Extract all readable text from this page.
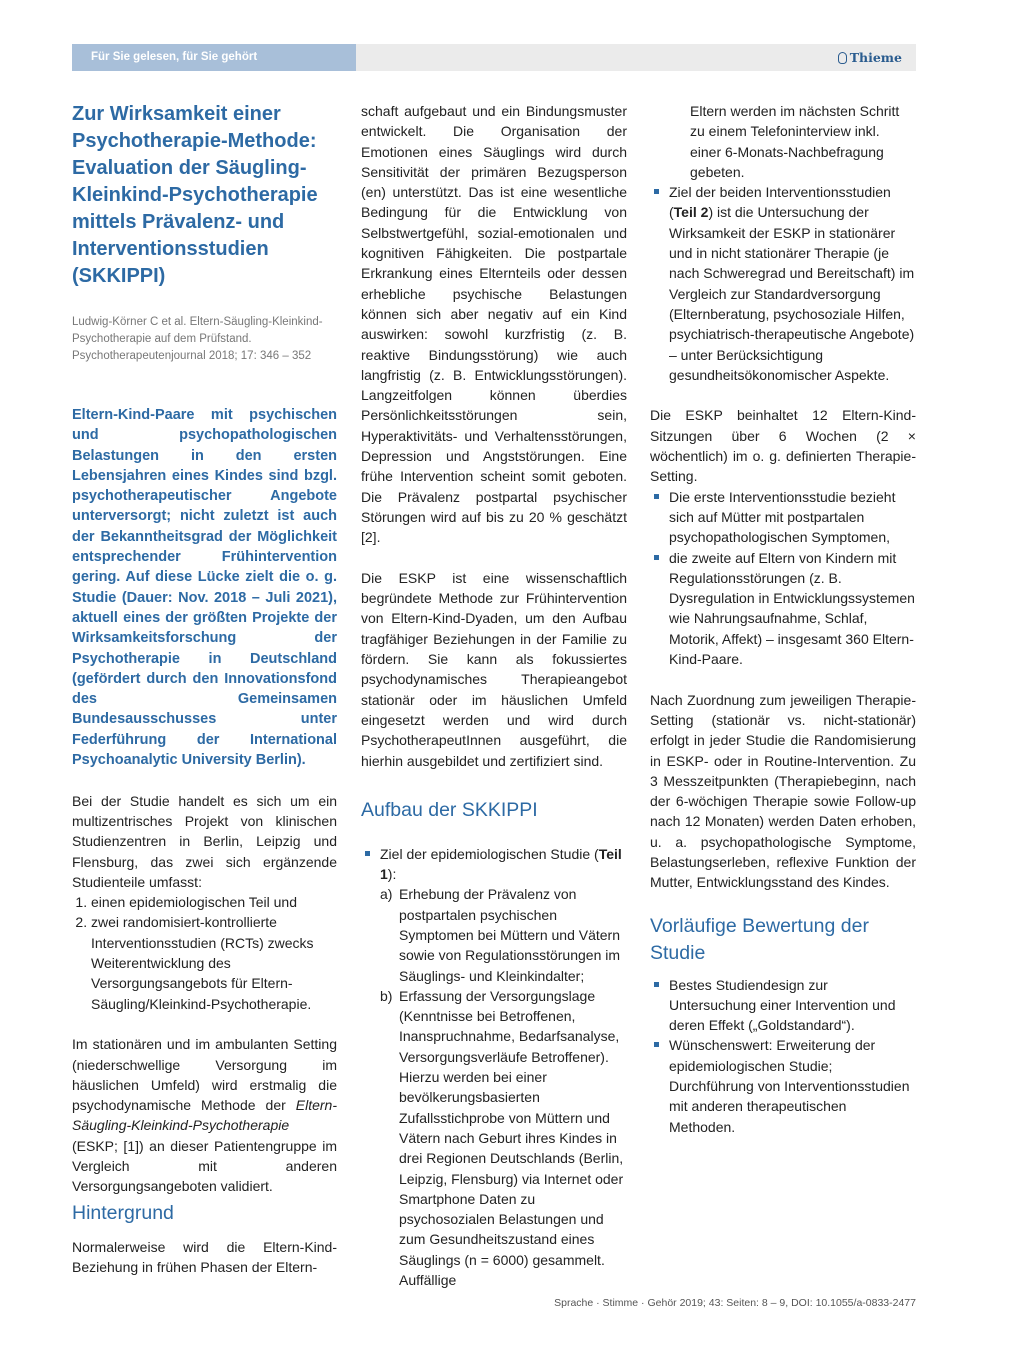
Für Sie gelesen, für Sie gehört	Thieme
Zur Wirksamkeit einer Psychotherapie-Methode: Evaluation der Säugling-Kleinkind-Psychotherapie mittels Prävalenz- und Interventionsstudien (SKKIPPI)

Ludwig-Körner C et al. Eltern-Säugling-Kleinkind-Psychotherapie auf dem Prüfstand. Psychotherapeutenjournal 2018; 17: 346 – 352

Eltern-Kind-Paare mit psychischen und psychopathologischen Belastungen in den ersten Lebensjahren eines Kindes sind bzgl. psychotherapeutischer Angebote unterversorgt; nicht zuletzt ist auch der Bekanntheitsgrad der Möglichkeit entsprechender Frühintervention gering. Auf diese Lücke zielt die o. g. Studie (Dauer: Nov. 2018 – Juli 2021), aktuell eines der größten Projekte der Wirksamkeitsforschung der Psychotherapie in Deutschland (gefördert durch den Innovationsfond des Gemeinsamen Bundesausschusses unter Federführung der International Psychoanalytic University Berlin).

Bei der Studie handelt es sich um ein multizentrisches Projekt von klinischen Studienzentren in Berlin, Leipzig und Flensburg, das zwei sich ergänzende Studienteile umfasst:

1. einen epidemiologischen Teil und
2. zwei randomisiert-kontrollierte Interventionsstudien (RCTs) zwecks Weiterentwicklung des Versorgungsangebots für Eltern-Säugling/Kleinkind-Psychotherapie.

Im stationären und im ambulanten Setting (niederschwellige Versorgung im häuslichen Umfeld) wird erstmalig die psychodynamische Methode der Eltern-Säugling-Kleinkind-Psychotherapie (ESKP; [1]) an dieser Patientengruppe im Vergleich mit anderen Versorgungsangeboten validiert.

Hintergrund

Normalerweise wird die Eltern-Kind-Beziehung in frühen Phasen der Eltern-

schaft aufgebaut und ein Bindungsmuster entwickelt. Die Organisation der Emotionen eines Säuglings wird durch Sensitivität der primären Bezugsperson (en) unterstützt. Das ist eine wesentliche Bedingung für die Entwicklung von Selbstwertgefühl, sozial-emotionalen und kognitiven Fähigkeiten. Die postpartale Erkrankung eines Elternteils oder dessen erhebliche psychische Belastungen können sich aber negativ auf ein Kind auswirken: sowohl kurzfristig (z. B. reaktive Bindungsstörung) wie auch langfristig (z. B. Entwicklungsstörungen). Langzeitfolgen können überdies Persönlichkeitsstörungen sein, Hyperaktivitäts- und Verhaltensstörungen, Depression und Angststörungen. Eine frühe Intervention scheint somit geboten. Die Prävalenz postpartal psychischer Störungen wird auf bis zu 20 % geschätzt [2].

Die ESKP ist eine wissenschaftlich begründete Methode zur Frühintervention von Eltern-Kind-Dyaden, um den Aufbau tragfähiger Beziehungen in der Familie zu fördern. Sie kann als fokussiertes psychodynamisches Therapieangebot stationär oder im häuslichen Umfeld eingesetzt werden und wird durch PsychotherapeutInnen ausgeführt, die hierhin ausgebildet und zertifiziert sind.

Aufbau der SKKIPPI
Ziel der epidemiologischen Studie (Teil 1):
a) Erhebung der Prävalenz von postpartalen psychischen Symptomen bei Müttern und Vätern sowie von Regulationsstörungen im Säuglings- und Kleinkindalter;
b) Erfassung der Versorgungslage (Kenntnisse bei Betroffenen, Inanspruchnahme, Bedarfsanalyse, Versorgungsverläufe Betroffener). Hierzu werden bei einer bevölkerungsbasierten Zufallsstichprobe von Müttern und Vätern nach Geburt ihres Kindes in drei Regionen Deutschlands (Berlin, Leipzig, Flensburg) via Internet oder Smartphone Daten zu psychosozialen Belastungen und zum Gesundheitszustand eines Säuglings (n = 6000) gesammelt. Auffällige

Eltern werden im nächsten Schritt zu einem Telefoninterview inkl. einer 6-Monats-Nachbefragung gebeten.

Ziel der beiden Interventionsstudien (Teil 2) ist die Untersuchung der Wirksamkeit der ESKP in stationärer und in nicht stationärer Therapie (je nach Schweregrad und Bereitschaft) im Vergleich zur Standardversorgung (Elternberatung, psychosoziale Hilfen, psychiatrisch-therapeutische Angebote) – unter Berücksichtigung gesundheitsökonomischer Aspekte.

Die ESKP beinhaltet 12 Eltern-Kind-Sitzungen über 6 Wochen (2 × wöchentlich) im o. g. definierten Therapie-Setting.

Die erste Interventionsstudie bezieht sich auf Mütter mit postpartalen psychopathologischen Symptomen,
die zweite auf Eltern von Kindern mit Regulationsstörungen (z. B. Dysregulation in Entwicklungssystemen wie Nahrungsaufnahme, Schlaf, Motorik, Affekt) – insgesamt 360 Eltern-Kind-Paare.

Nach Zuordnung zum jeweiligen Therapie-Setting (stationär vs. nicht-stationär) erfolgt in jeder Studie die Randomisierung in ESKP- oder in Routine-Intervention. Zu 3 Messzeitpunkten (Therapiebeginn, nach der 6-wöchigen Therapie sowie Follow-up nach 12 Monaten) werden Daten erhoben, u. a. psychopathologische Symptome, Belastungserleben, reflexive Funktion der Mutter, Entwicklungsstand des Kindes.

Vorläufige Bewertung der Studie
Bestes Studiendesign zur Untersuchung einer Intervention und deren Effekt („Goldstandard“).
Wünschenswert: Erweiterung der epidemiologischen Studie; Durchführung von Interventionsstudien mit anderen therapeutischen Methoden.
Sprache · Stimme · Gehör 2019; 43: Seiten: 8 – 9, DOI: 10.1055/a-0833-2477
